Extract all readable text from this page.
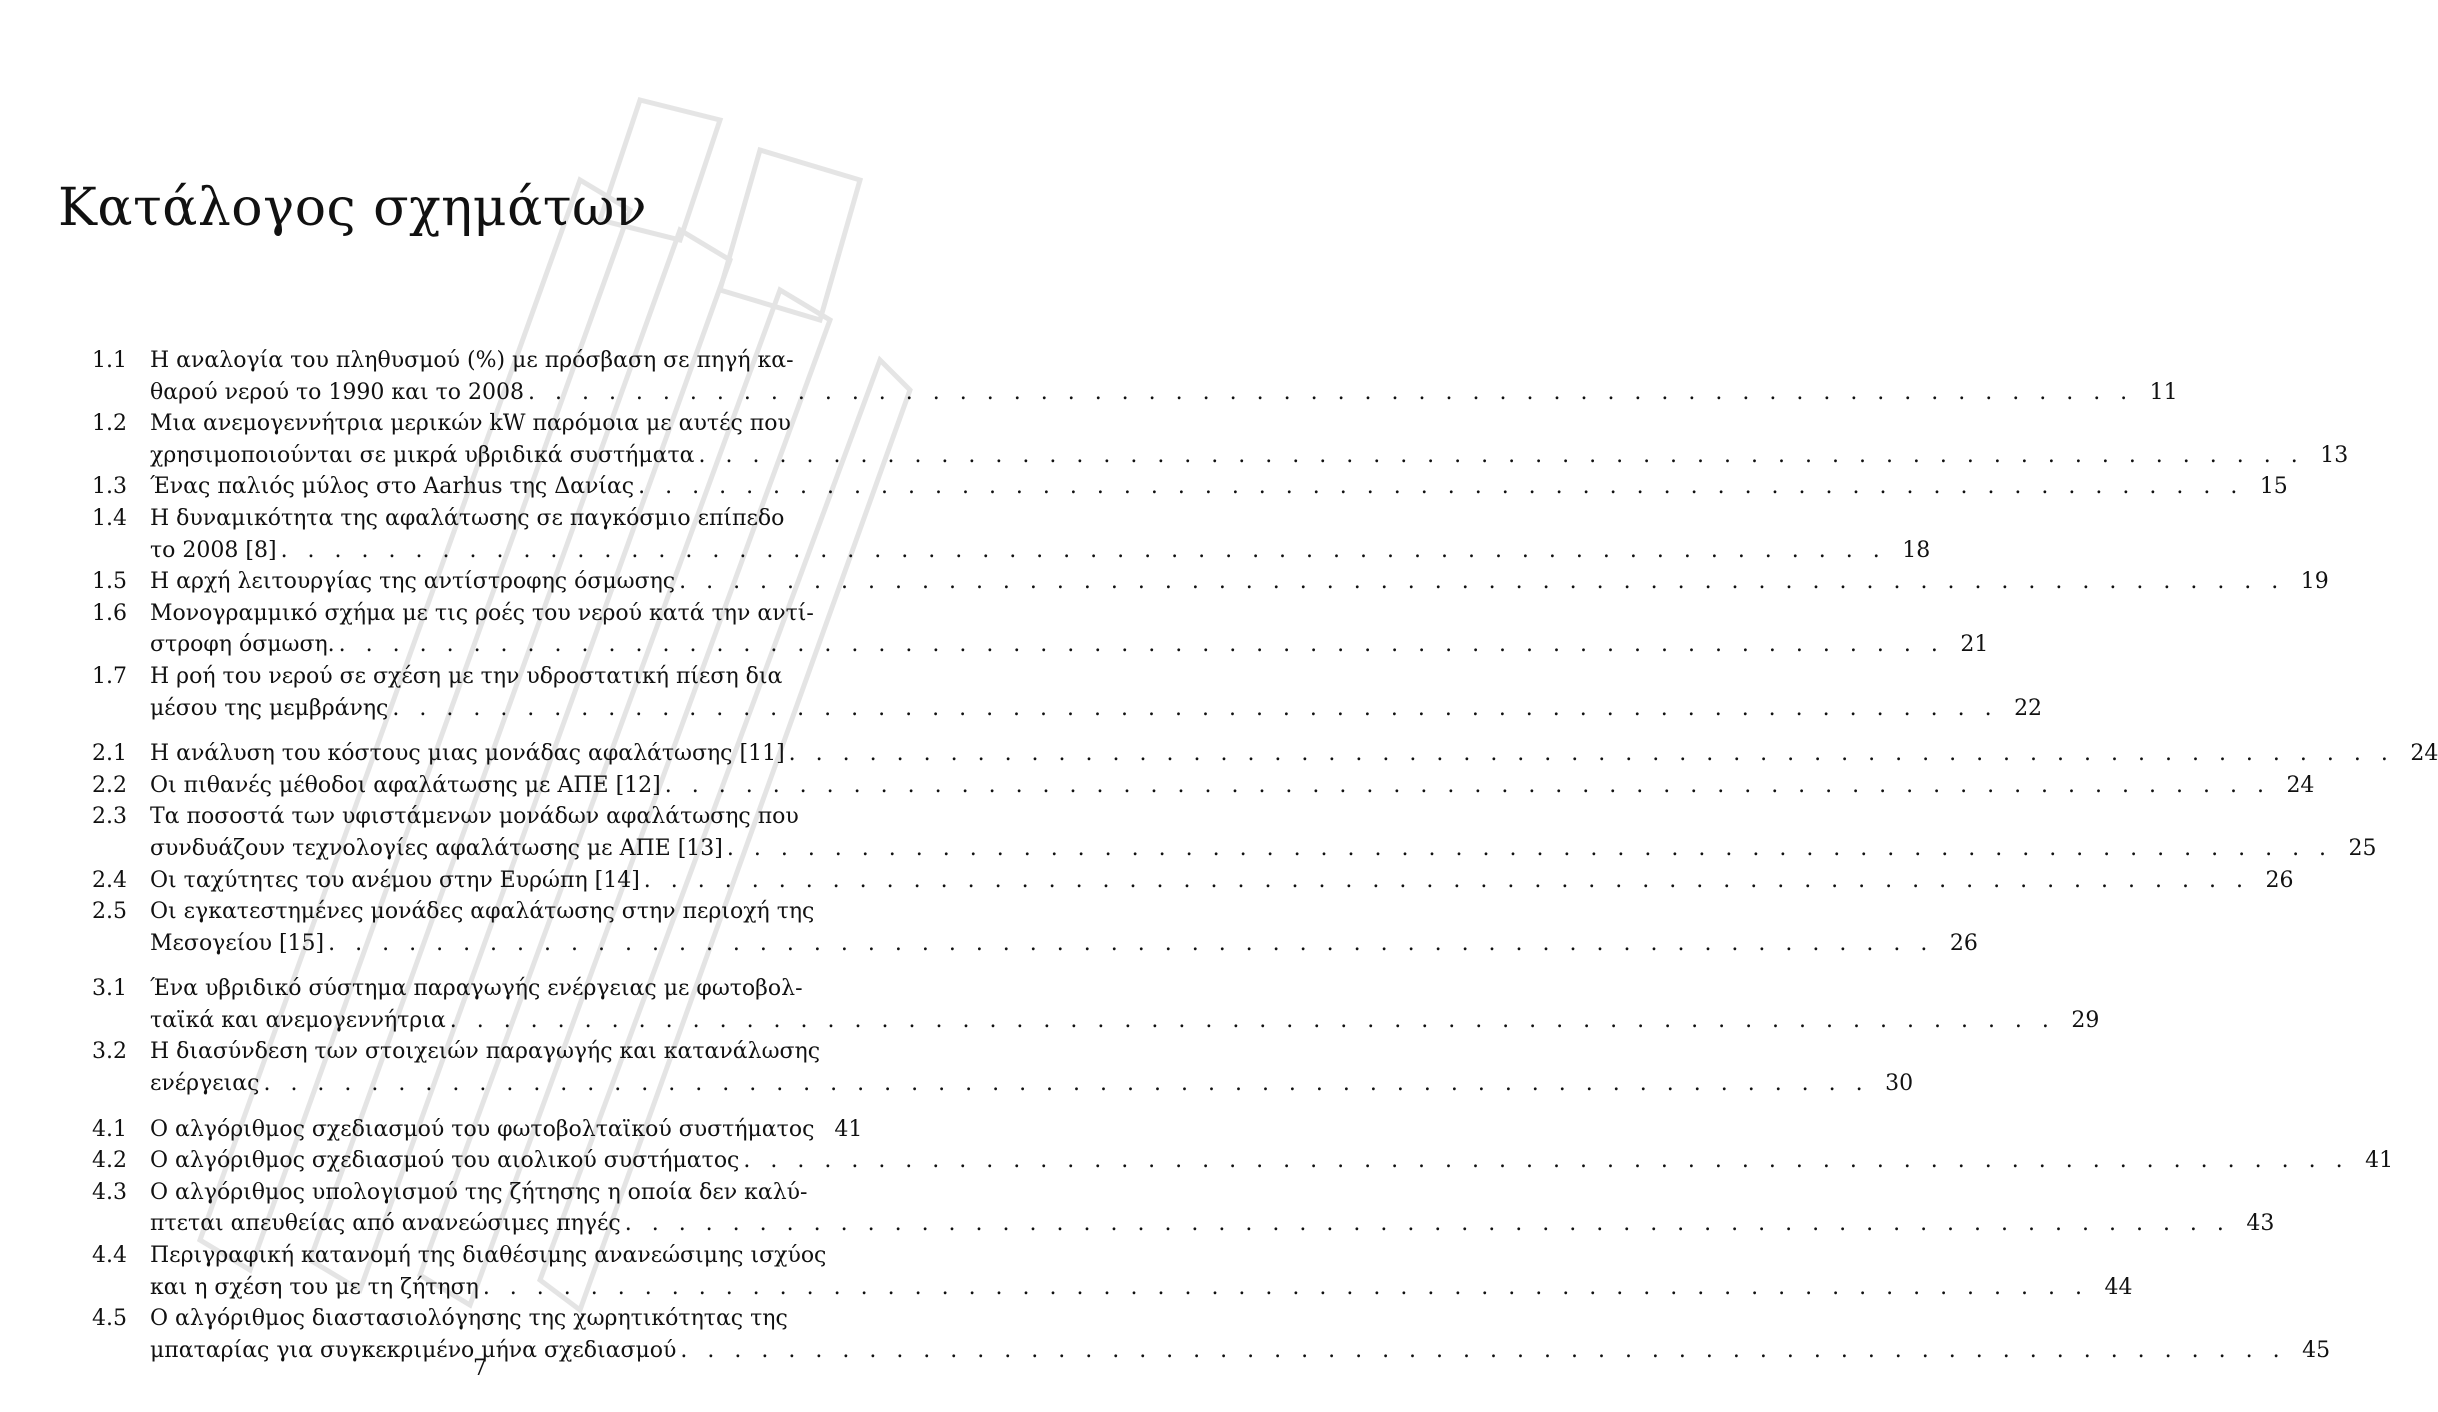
Κατάλογος σχημάτων
1.1	Η αναλογία του πληθυσμού (%) με πρόσβαση σε πηγή κα-
θαρού νερού το 1990 και το 2008 . . . . . . . . . . . . . . . . . . . . . . . . . . . . . . . . . . . . . . . . . . . . . . . . . . . . . . . . . . . . 11
1.2	Μια ανεμογεννήτρια μερικών kW παρόμοια με αυτές που
χρησιμοποιούνται σε μικρά υβριδικά συστήματα . . . . . . . . . . . . . . . . . . . . . . . . . . . . . . . . . . . . . . . . . . . . . . . . . . . . . . . . . . . . 13
1.3	Ένας παλιός μύλος στο Aarhus της Δανίας . . . . . . . . . . . . . . . . . . . . . . . . . . . . . . . . . . . . . . . . . . . . . . . . . . . . . . . . . . . . 15
1.4	Η δυναμικότητα της αφαλάτωσης σε παγκόσμιο επίπεδο
το 2008 [8] . . . . . . . . . . . . . . . . . . . . . . . . . . . . . . . . . . . . . . . . . . . . . . . . . . . . . . . . . . . . 18
1.5	Η αρχή λειτουργίας της αντίστροφης όσμωσης . . . . . . . . . . . . . . . . . . . . . . . . . . . . . . . . . . . . . . . . . . . . . . . . . . . . . . . . . . . . 19
1.6	Μονογραμμικό σχήμα με τις ροές του νερού κατά την αντί-
στροφη όσμωση. . . . . . . . . . . . . . . . . . . . . . . . . . . . . . . . . . . . . . . . . . . . . . . . . . . . . . . . . . . . . 21
1.7	Η ροή του νερού σε σχέση με την υδροστατική πίεση δια
μέσου της μεμβράνης . . . . . . . . . . . . . . . . . . . . . . . . . . . . . . . . . . . . . . . . . . . . . . . . . . . . . . . . . . . . 22
2.1	Η ανάλυση του κόστους μιας μονάδας αφαλάτωσης [11] . . . . . . . . . . . . . . . . . . . . . . . . . . . . . . . . . . . . . . . . . . . . . . . . . . . . . . . . . . . . 24
2.2	Οι πιθανές μέθοδοι αφαλάτωσης με ΑΠΕ [12] . . . . . . . . . . . . . . . . . . . . . . . . . . . . . . . . . . . . . . . . . . . . . . . . . . . . . . . . . . . . 24
2.3	Τα ποσοστά των υφιστάμενων μονάδων αφαλάτωσης που
συνδυάζουν τεχνολογίες αφαλάτωσης με ΑΠΕ [13] . . . . . . . . . . . . . . . . . . . . . . . . . . . . . . . . . . . . . . . . . . . . . . . . . . . . . . . . . . . . 25
2.4	Οι ταχύτητες του ανέμου στην Ευρώπη [14] . . . . . . . . . . . . . . . . . . . . . . . . . . . . . . . . . . . . . . . . . . . . . . . . . . . . . . . . . . . . 26
2.5	Οι εγκατεστημένες μονάδες αφαλάτωσης στην περιοχή της
Μεσογείου [15] . . . . . . . . . . . . . . . . . . . . . . . . . . . . . . . . . . . . . . . . . . . . . . . . . . . . . . . . . . . . 26
3.1	Ένα υβριδικό σύστημα παραγωγής ενέργειας με φωτοβολ-
ταϊκά και ανεμογεννήτρια . . . . . . . . . . . . . . . . . . . . . . . . . . . . . . . . . . . . . . . . . . . . . . . . . . . . . . . . . . . . 29
3.2	Η διασύνδεση των στοιχειών παραγωγής και κατανάλωσης
ενέργειας . . . . . . . . . . . . . . . . . . . . . . . . . . . . . . . . . . . . . . . . . . . . . . . . . . . . . . . . . . . . 30
4.1	Ο αλγόριθμος σχεδιασμού του φωτοβολταϊκού συστήματος 41
4.2	Ο αλγόριθμος σχεδιασμού του αιολικού συστήματος . . . . . . . . . . . . . . . . . . . . . . . . . . . . . . . . . . . . . . . . . . . . . . . . . . . . . . . . . . . . 41
4.3	Ο αλγόριθμος υπολογισμού της ζήτησης η οποία δεν καλύ-
πτεται απευθείας από ανανεώσιμες πηγές . . . . . . . . . . . . . . . . . . . . . . . . . . . . . . . . . . . . . . . . . . . . . . . . . . . . . . . . . . . . 43
4.4	Περιγραφική κατανομή της διαθέσιμης ανανεώσιμης ισχύος
και η σχέση του με τη ζήτηση . . . . . . . . . . . . . . . . . . . . . . . . . . . . . . . . . . . . . . . . . . . . . . . . . . . . . . . . . . . . 44
4.5	Ο αλγόριθμος διαστασιολόγησης της χωρητικότητας της
μπαταρίας για συγκεκριμένο μήνα σχεδιασμού . . . . . . . . . . . . . . . . . . . . . . . . . . . . . . . . . . . . . . . . . . . . . . . . . . . . . . . . . . . . 45
7
